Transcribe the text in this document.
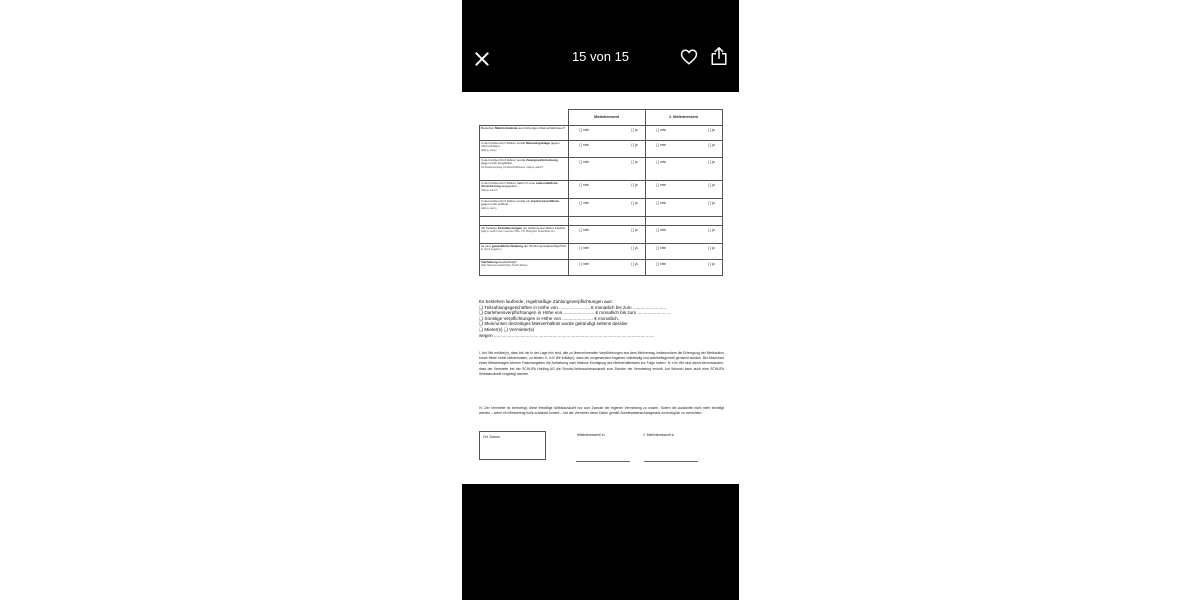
15 von 15
	Mietinteressent	2. Mietinteressent
Bestehen Mietrückstände aus bisherigen Mietverhältnissen?	[ ] nein [ ] ja	[ ] nein [ ] ja

In den letzten fünf Jahren wurde Räumungsklage gegen mich erhoben
(falls ja, wann)	[ ] nein [ ] ja	[ ] nein [ ] ja

In den letzten fünf Jahren wurde Zwangsvollstreckung gegen mich eingeleitet
(ist Zusammenhang mit Mietverhältnissen, Falls ja, wann?)	[ ] nein [ ] ja	[ ] nein [ ] ja

In den letzten fünf Jahren habe ich eine eidesstattliche Versicherung abgegeben
(falls ja, wann?)	[ ] nein [ ] ja	[ ] nein [ ] ja

In den letzten fünf Jahren wurde ein Insolvenzverfahren gegen mich eröffnet
(falls ja, wann)	[ ] nein [ ] ja	[ ] nein [ ] ja

Ich beziehe Sozialleistungen zur Zahlung der Miete/ Kaution
(falls ja, welche und in welcher Höhe, z.B. Wohngeld, Kostenhilfe etc.)	[ ] nein [ ] ja	[ ] nein [ ] ja

Ist eine gewerbliche Nutzung der Wohnung beabsichtigt?(falls ja, durch eingeben)	[ ] nein [ ] ja	[ ] nein [ ] ja

Tierhaltung beabsichtigt?
(falls Haustiere beabsichtigt: Tierart/ Rasse)	[ ] nein [ ] ja	[ ] nein [ ] ja
Es bestehen laufende, regelmäßige Zahlungsverpflichtungen aus:
❑ Teilzahlungsgeschäften in Höhe von ........................ € monatlich bis zum ..........................
❑ Darlehensverpflichtungen in Höhe von ........................ € monatlich bis zum ..........................
❑ Sonstige Verpflichtungen in Höhe von ........................ € monatlich.
❑ Mein/unser derzeitiges Mietverhältnis wurde gekündigt seitens des/der
❑ Mieter(s) ❑ Vermieter(s)
wegen ..............................................................................................................................
I. Ich/ Wir erkläre(n), dass ich/ wir in der Lage bin/ sind, alle zu übernehmenden Verpflichtungen aus dem Mietvertrag, insbesondere die Erbringung der Mietkaution sowie Miete nebst Nebenkosten, zu leisten. II. Ich/ Wir erklär(n), dass die vorgenannten Angaben vollständig und wahrheitsgemäß gemacht wurden. Bei Abschluss eines Mietvertrages können Falschangaben die Aufhebung oder fristlose Kündigung des Mietverhältnisses zur Folge haben. III. Ich/ Wir sind damit einverstanden, dass der Vermieter bei der SCHUFA Holding AG die Schufa-Verbraucherauskunft zum Zwecke der Vermietung einholt. Auf Wunsch kann auch eine SCHUFA Selbstauskunft vorgelegt werden.
IV. Der Vermieter ist berechtigt, diese freiwillige Selbstauskunft nur zum Zwecke der eigenen Vermietung zu nutzen. Sofern die Auskünfte nicht mehr benötigt werden – wenn ein Mietvertrag nicht zustande kommt – hat der Vermieter diese Daten gemäß Bundesdatenschutzgesetz unverzüglich zu vernichten.
Ort, Datum	Mietinteressent/ in	2. Mietinteressent/ in
